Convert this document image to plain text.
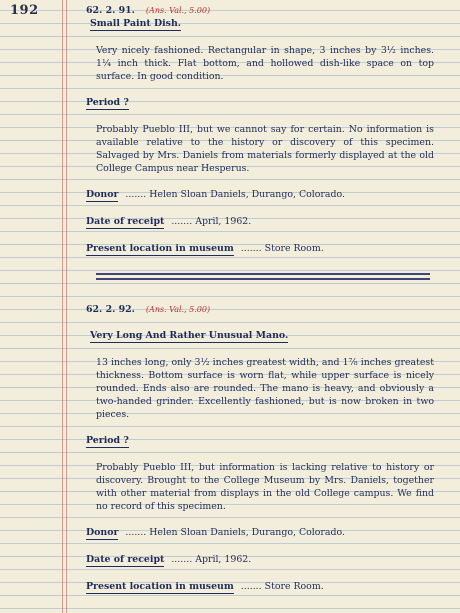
192	62. 2. 91. (Ans. Val., 5.00)
Small Paint Dish.
Very nicely fashioned. Rectangular in shape, 3 inches by 3½ inches. 1¼ inch thick. Flat bottom, and hollowed dish-like space on top surface. In good condition.
Period ?
Probably Pueblo III, but we cannot say for certain. No information is available relative to the history or discovery of this specimen. Salvaged by Mrs. Daniels from materials formerly displayed at the old College Campus near Hesperus.
Donor ....... Helen Sloan Daniels, Durango, Colorado.
Date of receipt ....... April, 1962.
Present location in museum ....... Store Room.
62. 2. 92. (Ans. Val., 5.00)
Very Long And Rather Unusual Mano.
13 inches long, only 3½ inches greatest width, and 1⅞ inches greatest thickness. Bottom surface is worn flat, while upper surface is nicely rounded. Ends also are rounded. The mano is heavy, and obviously a two-handed grinder. Excellently fashioned, but is now broken in two pieces.
Period ?
Probably Pueblo III, but information is lacking relative to history or discovery. Brought to the College Museum by Mrs. Daniels, together with other material from displays in the old College campus. We find no record of this specimen.
Donor ....... Helen Sloan Daniels, Durango, Colorado.
Date of receipt ....... April, 1962.
Present location in museum ....... Store Room.
